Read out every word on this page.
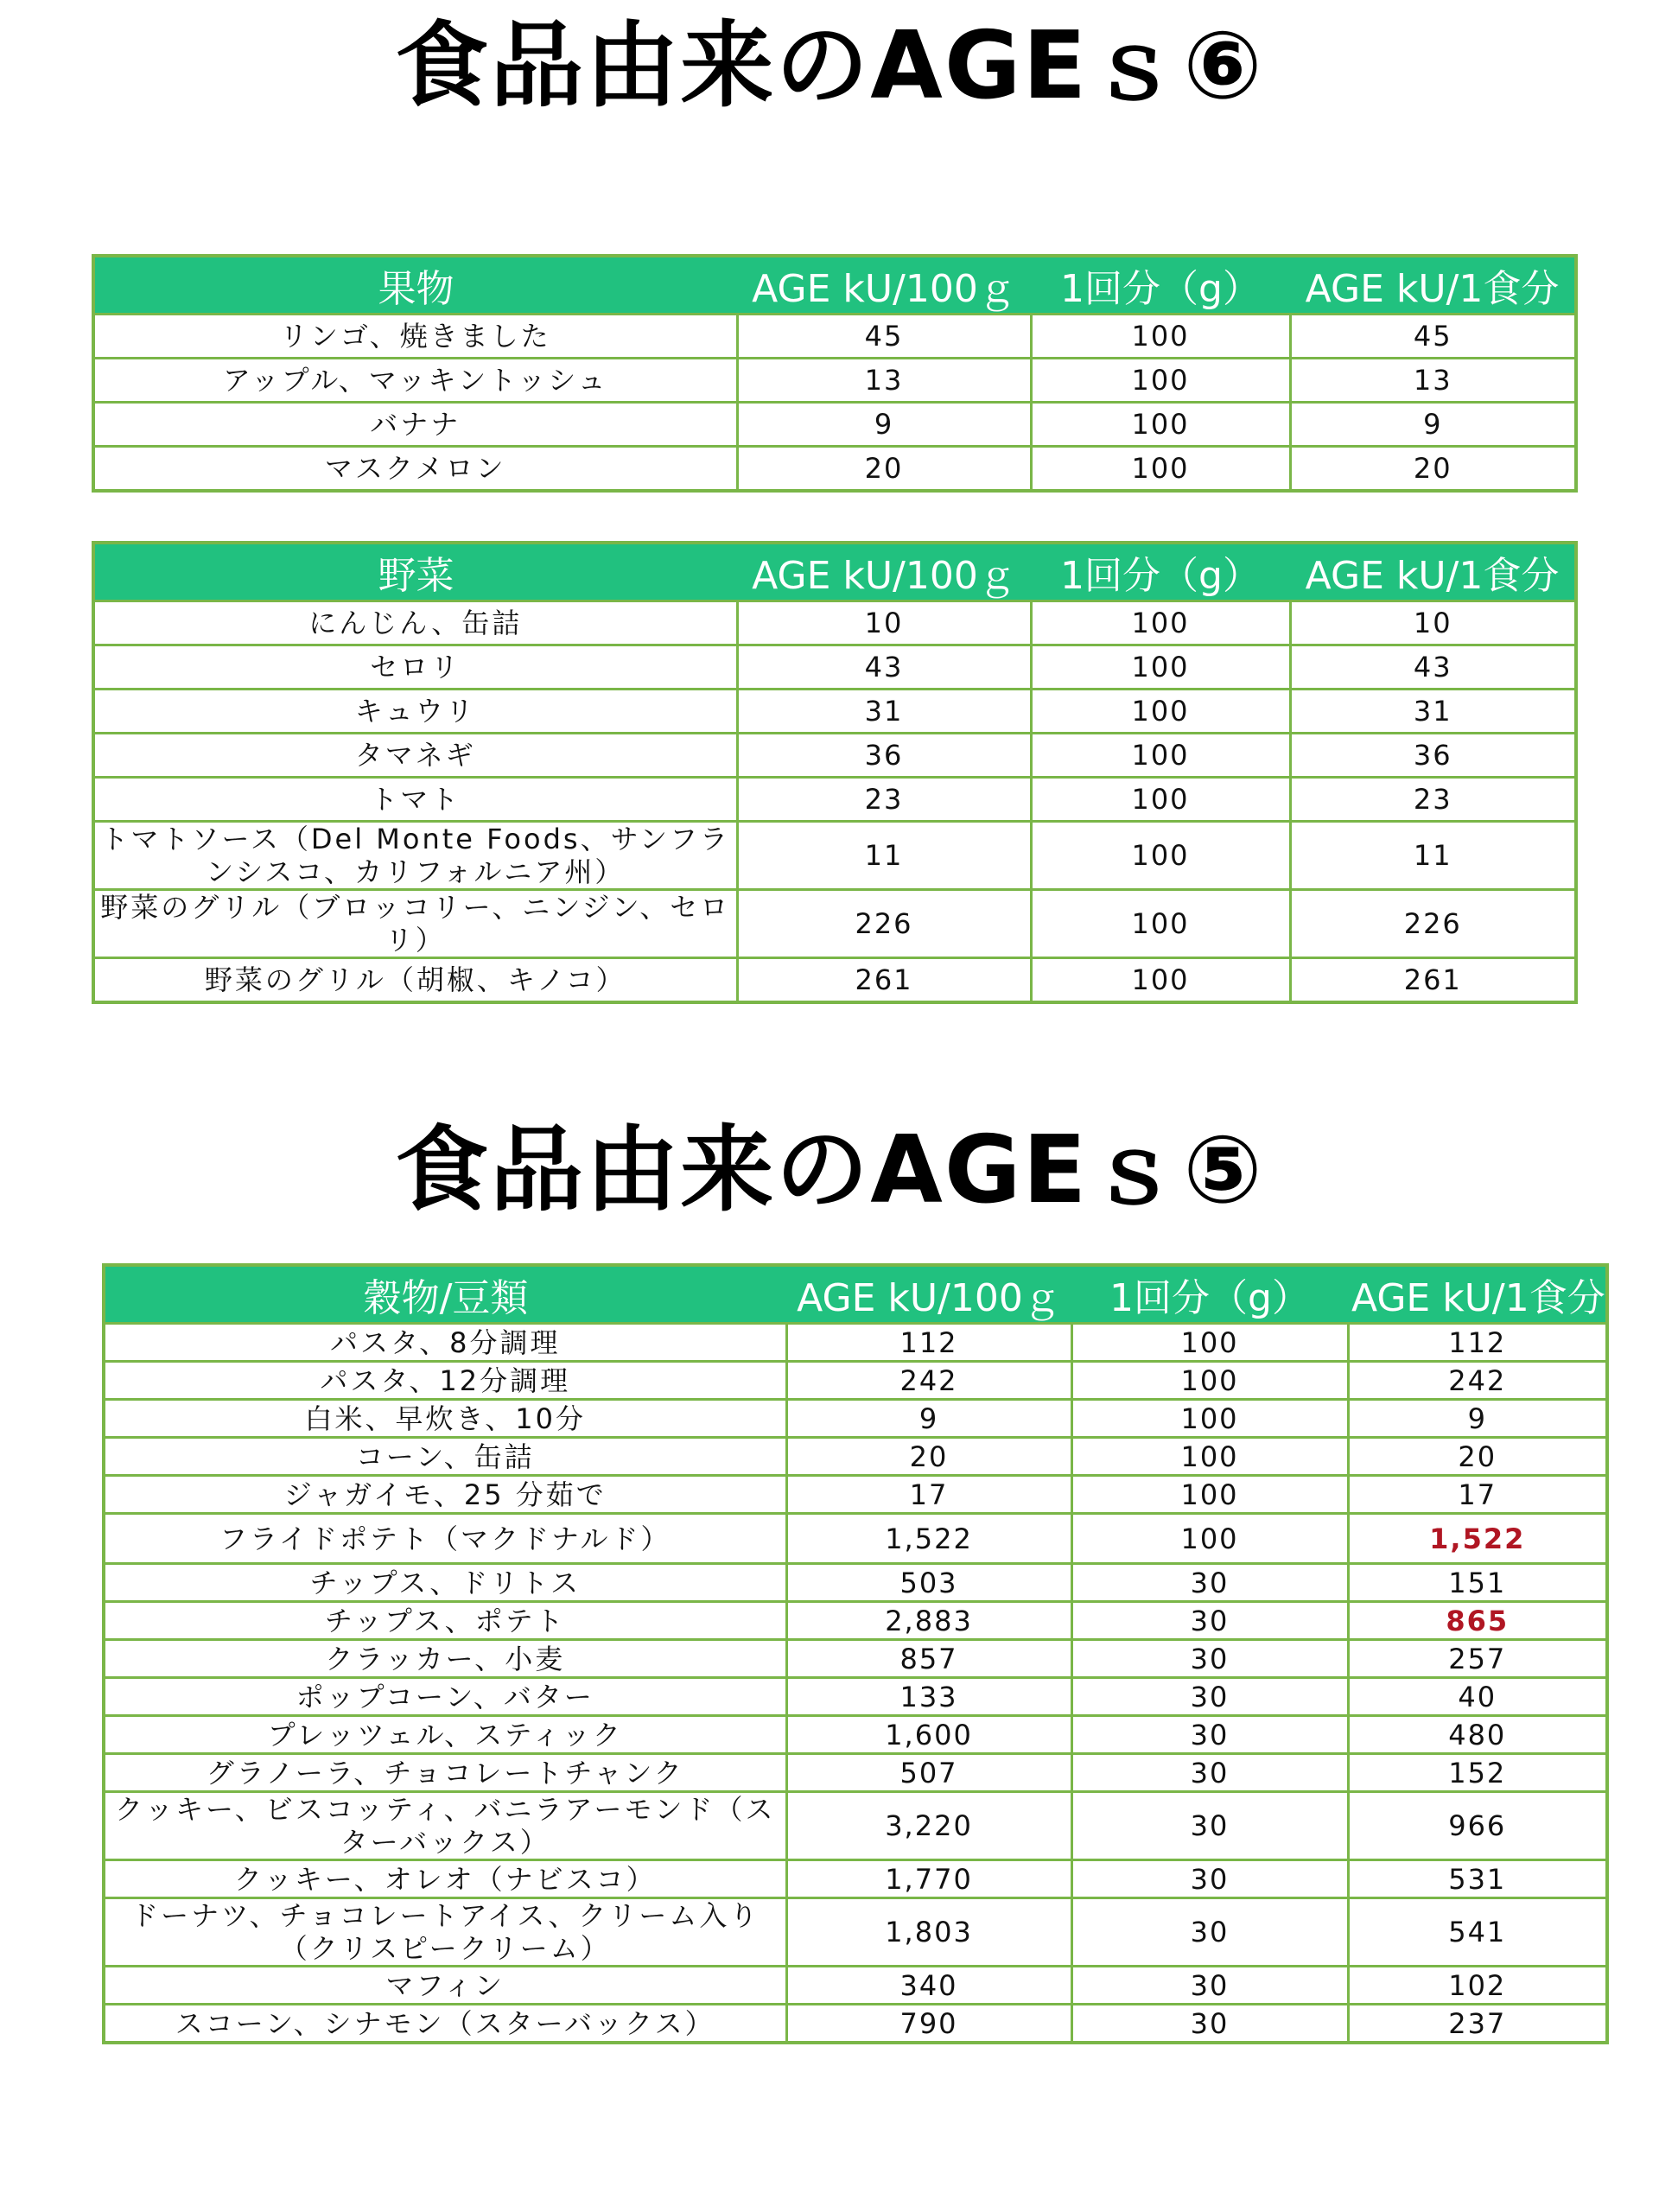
食品由来のAGEｓ⑥
果物	AGE kU/100ｇ	1回分（g）	AGE kU/1食分
リンゴ、焼きました	45	100	45
アップル、マッキントッシュ	13	100	13
バナナ	9	100	9
マスクメロン	20	100	20
野菜	AGE kU/100ｇ	1回分（g）	AGE kU/1食分
にんじん、缶詰	10	100	10
セロリ	43	100	43
キュウリ	31	100	31
タマネギ	36	100	36
トマト	23	100	23
トマトソース（Del Monte Foods、サンフランシスコ、カリフォルニア州）	11	100	11
野菜のグリル（ブロッコリー、ニンジン、セロリ）	226	100	226
野菜のグリル（胡椒、キノコ）	261	100	261
食品由来のAGEｓ⑤
穀物/豆類	AGE kU/100ｇ	1回分（g）	AGE kU/1食分
パスタ、8分調理	112	100	112
パスタ、12分調理	242	100	242
白米、早炊き、10分	9	100	9
コーン、缶詰	20	100	20
ジャガイモ、25 分茹で	17	100	17
フライドポテト（マクドナルド）	1,522	100	1,522
チップス、ドリトス	503	30	151
チップス、ポテト	2,883	30	865
クラッカー、小麦	857	30	257
ポップコーン、バター	133	30	40
プレッツェル、スティック	1,600	30	480
グラノーラ、チョコレートチャンク	507	30	152
クッキー、ビスコッティ、バニラアーモンド（スターバックス）	3,220	30	966
クッキー、オレオ（ナビスコ）	1,770	30	531
ドーナツ、チョコレートアイス、クリーム入り（クリスピークリーム）	1,803	30	541
マフィン	340	30	102
スコーン、シナモン（スターバックス）	790	30	237
